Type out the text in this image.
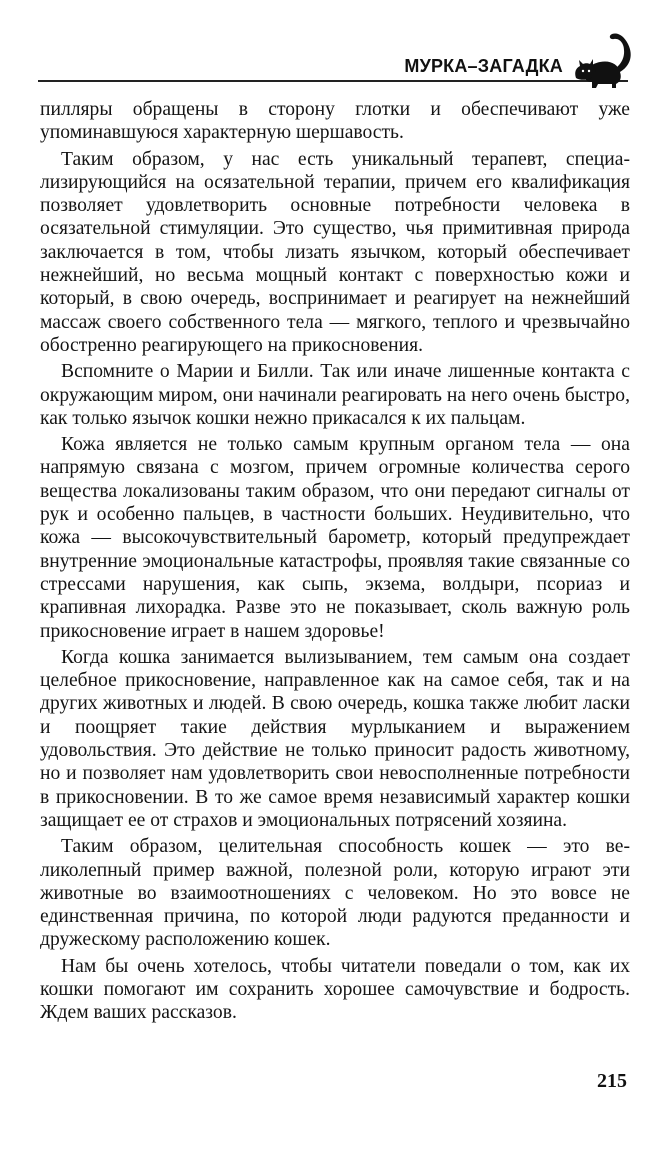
МУРКА–ЗАГАДКА

пилляры обращены в сторону глотки и обеспечивают уже упоминавшуюся характерную шершавость.

Таким образом, у нас есть уникальный терапевт, специализирующийся на осязательной терапии, причем его квалификация позволяет удовлетворить основные потребности человека в осязательной стимуляции. Это существо, чья примитивная природа заключается в том, чтобы лизать язычком, который обеспечивает нежнейший, но весьма мощный контакт с поверхностью кожи и который, в свою очередь, воспринимает и реагирует на нежнейший массаж своего собственного тела — мягкого, теплого и чрезвычайно обостренно реагирующего на прикосновения.

Вспомните о Марии и Билли. Так или иначе лишенные контакта с окружающим миром, они начинали реагировать на него очень быстро, как только язычок кошки нежно прикасался к их пальцам.

Кожа является не только самым крупным органом тела — она напрямую связана с мозгом, причем огромные количества серого вещества локализованы таким образом, что они передают сигналы от рук и особенно пальцев, в частности больших. Неудивительно, что кожа — высокочувствительный барометр, который предупреждает внутренние эмоциональные катастрофы, проявляя такие связанные со стрессами нарушения, как сыпь, экзема, волдыри, псориаз и крапивная лихорадка. Разве это не показывает, сколь важную роль прикосновение играет в нашем здоровье!

Когда кошка занимается вылизыванием, тем самым она создает целебное прикосновение, направленное как на самое себя, так и на других животных и людей. В свою очередь, кошка также любит ласки и поощряет такие действия мурлыканием и выражением удовольствия. Это действие не только приносит радость животному, но и позволяет нам удовлетворить свои невосполненные потребности в прикосновении. В то же самое время независимый характер кошки защищает ее от страхов и эмоциональных потрясений хозяина.

Таким образом, целительная способность кошек — это великолепный пример важной, полезной роли, которую играют эти животные во взаимоотношениях с человеком. Но это вовсе не единственная причина, по которой люди радуются преданности и дружескому расположению кошек.

Нам бы очень хотелось, чтобы читатели поведали о том, как их кошки помогают им сохранить хорошее самочувствие и бодрость. Ждем ваших рассказов.

215
